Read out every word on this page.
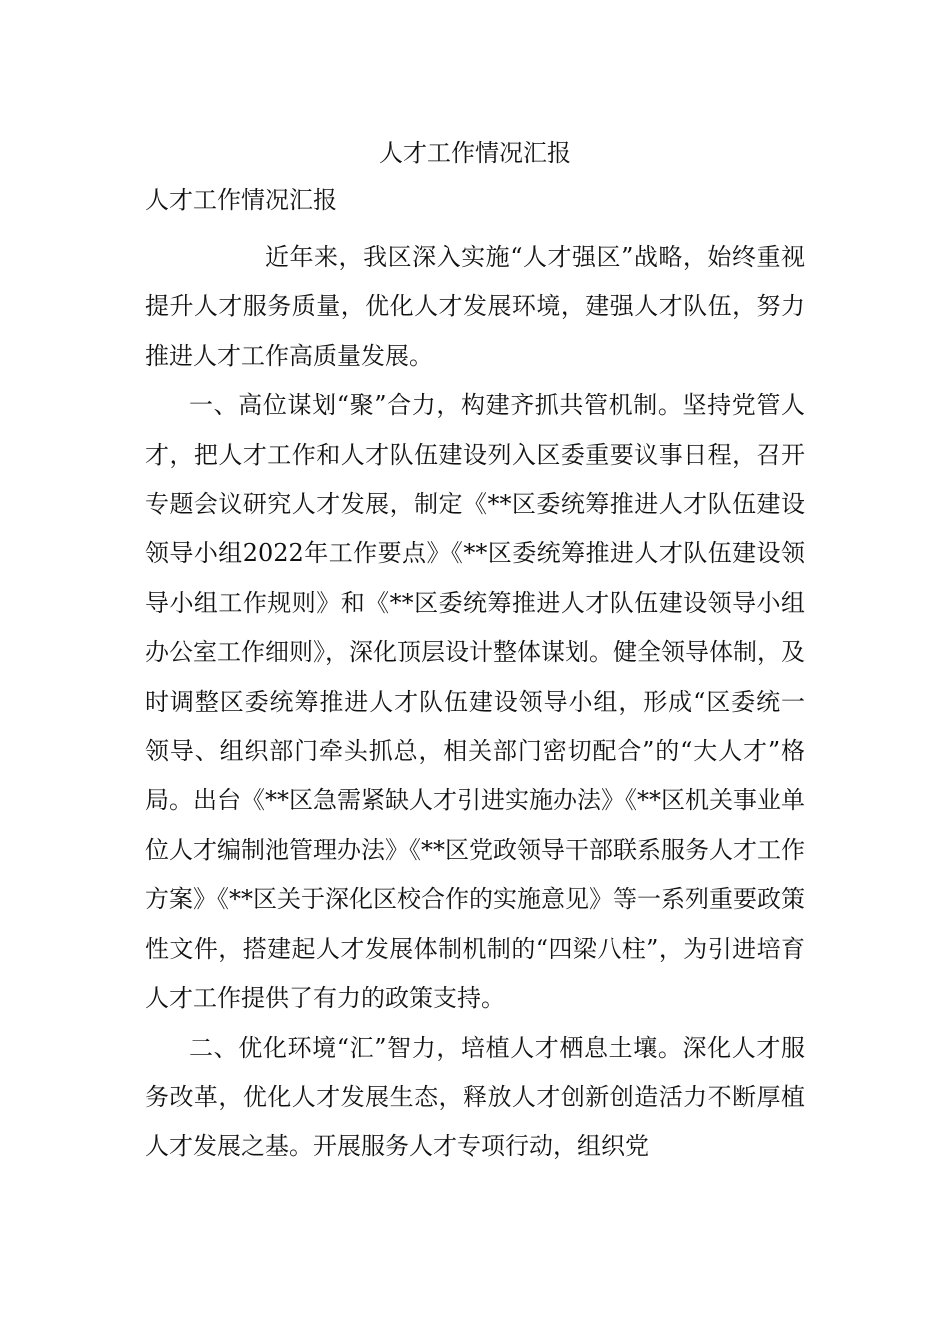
人才工作情况汇报
人才工作情况汇报

近年来，我区深入实施“人才强区”战略，始终重视提升人才服务质量，优化人才发展环境，建强人才队伍，努力推进人才工作高质量发展。

一、高位谋划“聚”合力，构建齐抓共管机制。坚持党管人才，把人才工作和人才队伍建设列入区委重要议事日程，召开专题会议研究人才发展，制定《**区委统筹推进人才队伍建设领导小组2022年工作要点》《**区委统筹推进人才队伍建设领导小组工作规则》和《**区委统筹推进人才队伍建设领导小组办公室工作细则》，深化顶层设计整体谋划。健全领导体制，及时调整区委统筹推进人才队伍建设领导小组，形成“区委统一领导、组织部门牵头抓总，相关部门密切配合”的“大人才”格局。出台《**区急需紧缺人才引进实施办法》《**区机关事业单位人才编制池管理办法》《**区党政领导干部联系服务人才工作方案》《**区关于深化区校合作的实施意见》等一系列重要政策性文件，搭建起人才发展体制机制的“四梁八柱”，为引进培育人才工作提供了有力的政策支持。

二、优化环境“汇”智力，培植人才栖息土壤。深化人才服务改革，优化人才发展生态，释放人才创新创造活力不断厚植人才发展之基。开展服务人才专项行动，组织党
